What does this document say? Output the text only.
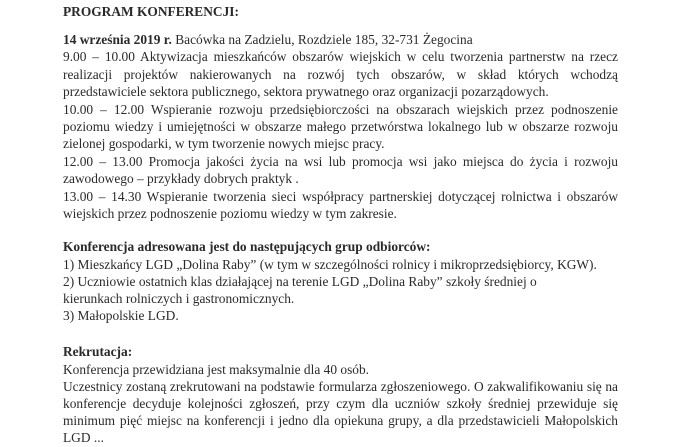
PROGRAM KONFERENCJI:

14 września 2019 r. Bacówka na Zadzielu, Rozdziele 185, 32-731 Żegocina

9.00 – 10.00 Aktywizacja mieszkańców obszarów wiejskich w celu tworzenia partnerstw na rzecz realizacji projektów nakierowanych na rozwój tych obszarów, w skład których wchodzą przedstawiciele sektora publicznego, sektora prywatnego oraz organizacji pozarządowych.

10.00 – 12.00 Wspieranie rozwoju przedsiębiorczości na obszarach wiejskich przez podnoszenie poziomu wiedzy i umiejętności w obszarze małego przetwórstwa lokalnego lub w obszarze rozwoju zielonej gospodarki, w tym tworzenie nowych miejsc pracy.

12.00 – 13.00 Promocja jakości życia na wsi lub promocja wsi jako miejsca do życia i rozwoju zawodowego – przykłady dobrych praktyk .

13.00 – 14.30 Wspieranie tworzenia sieci współpracy partnerskiej dotyczącej rolnictwa i obszarów wiejskich przez podnoszenie poziomu wiedzy w tym zakresie.

Konferencja adresowana jest do następujących grup odbiorców:

1) Mieszkańcy LGD „Dolina Raby” (w tym w szczególności rolnicy i mikroprzedsiębiorcy, KGW).

2) Uczniowie ostatnich klas działającej na terenie LGD „Dolina Raby” szkoły średniej o kierunkach rolniczych i gastronomicznych.

3) Małopolskie LGD.

Rekrutacja:

Konferencja przewidziana jest maksymalnie dla 40 osób.

Uczestnicy zostaną zrekrutowani na podstawie formularza zgłoszeniowego. O zakwalifikowaniu się na konferencje decyduje kolejności zgłoszeń, przy czym dla uczniów szkoły średniej przewiduje się minimum pięć miejsc na konferencji i jedno dla opiekuna grupy, a dla przedstawicieli Małopolskich LGD ...
